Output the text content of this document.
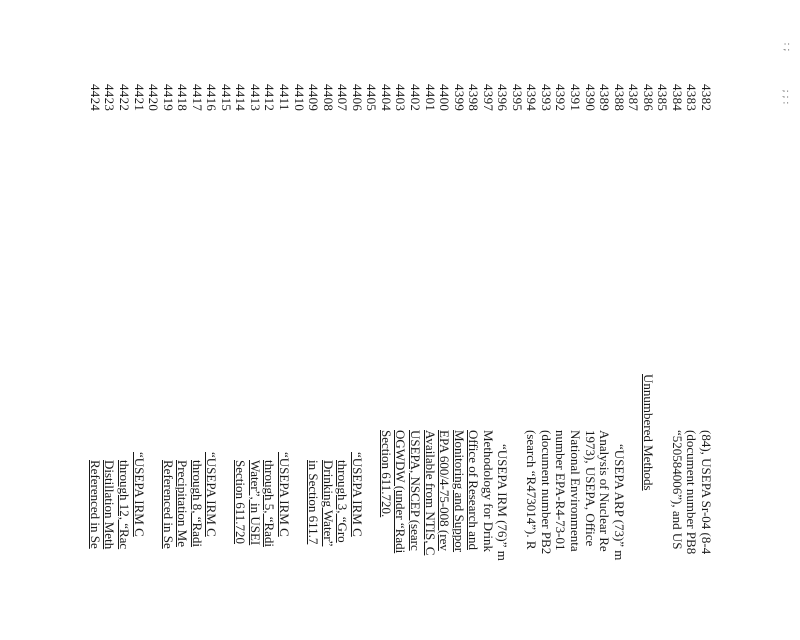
: ;
; ; :
4382
(84), USEPA Sr-04 (8-4
4383
(document number PB8
4384
“520584006”), and US
4385
4386
Unnumbered Methods
4387
4388
“USEPA ARP (73)” m
4389
Analysis of Nuclear Re
4390
1973), USEPA, Office
4391
National Environmenta
4392
number EPA-R4-73-01
4393
(document number PB2
4394
(search “R473014”). R
4395
4396
“USEPA IRM (76)” m
4397
Methodology for Drink
4398
Office of Research and
4399
Monitoring and Suppor
4400
EPA 600/4-75-008 (rev
4401
Available from NTIS, C
4402
USEPA, NSCEP (searc
4403
OGWDW (under “Radi
4404
Section 611.720.
4405
4406
“USEPA IRM C
4407
through 3, “Gro
4408
Drinking Water”
4409
in Section 611.7
4410
4411
“USEPA IRM C
4412
through 5, “Radi
4413
Water”, in USEI
4414
Section 611.720
4415
4416
“USEPA IRM C
4417
through 8, “Radi
4418
Precipitation Me
4419
Referenced in Se
4420
4421
“USEPA IRM C
4422
through 12, “Rac
4423
Distillation Meth
4424
Referenced in Se
